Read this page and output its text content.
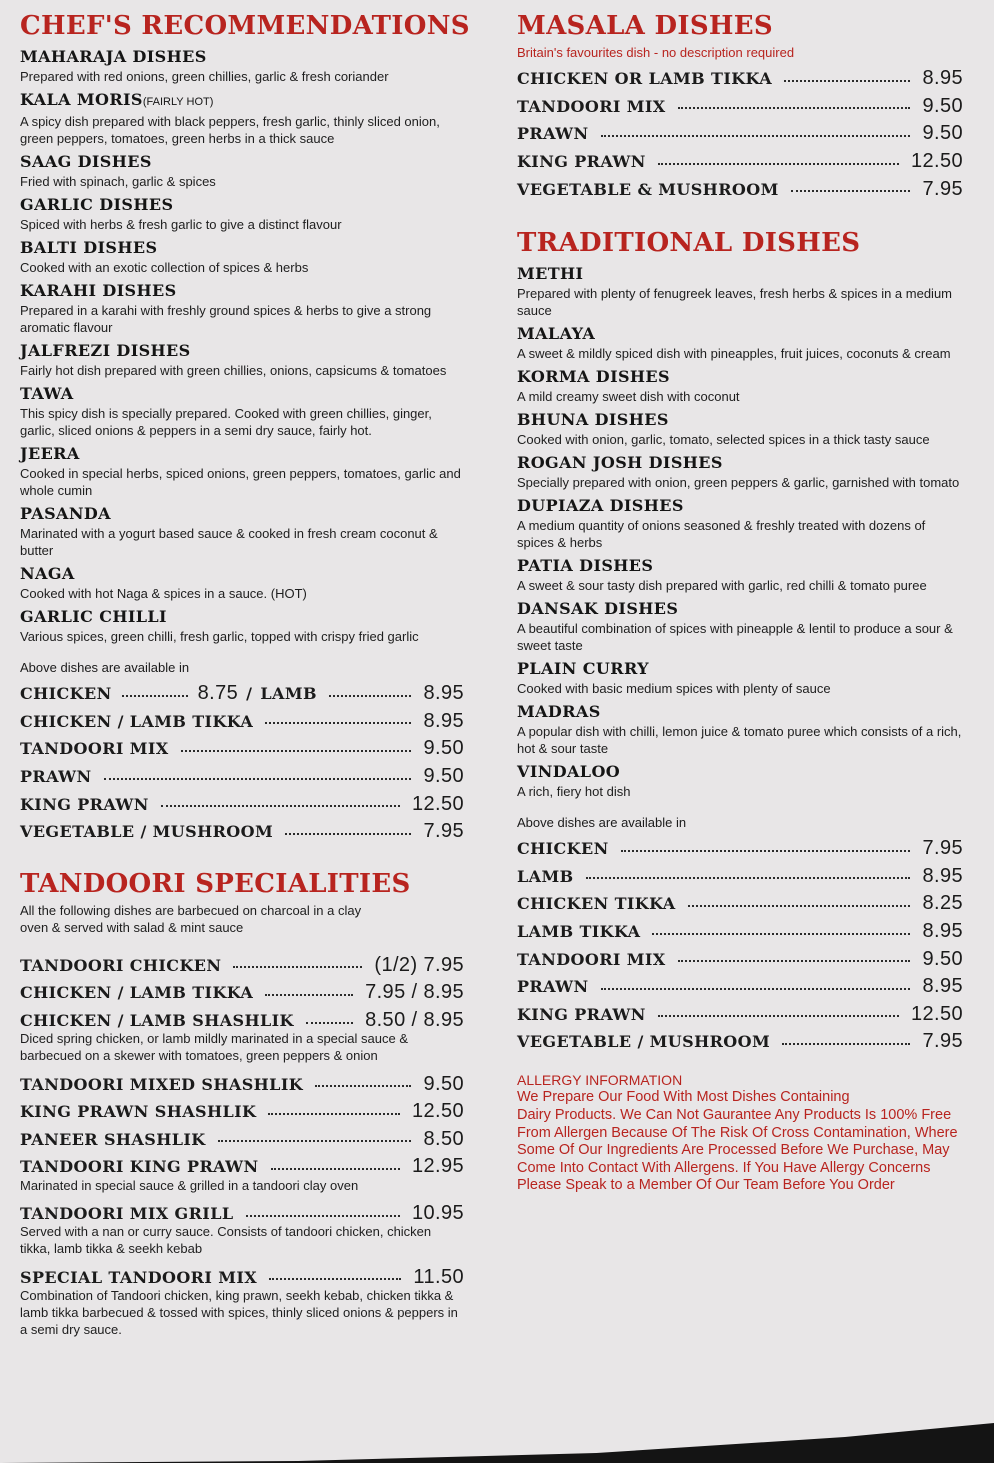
CHEF'S RECOMMENDATIONS
MAHARAJA DISHES
Prepared with red onions, green chillies, garlic & fresh coriander
KALA MORIS(FAIRLY HOT)
A spicy dish prepared with black peppers, fresh garlic, thinly sliced onion, green peppers, tomatoes, green herbs in a thick sauce
SAAG DISHES
Fried with spinach, garlic & spices
GARLIC DISHES
Spiced with herbs & fresh garlic to give a distinct flavour
BALTI DISHES
Cooked with an exotic collection of spices & herbs
KARAHI DISHES
Prepared in a karahi with freshly ground spices & herbs to give a strong aromatic flavour
JALFREZI DISHES
Fairly hot dish prepared with green chillies, onions, capsicums & tomatoes
TAWA
This spicy dish is specially prepared. Cooked with green chillies, ginger, garlic, sliced onions & peppers in a semi dry sauce, fairly hot.
JEERA
Cooked in special herbs, spiced onions, green peppers, tomatoes, garlic and whole cumin
PASANDA
Marinated with a yogurt based sauce & cooked in fresh cream coconut & butter
NAGA
Cooked with hot Naga & spices in a sauce. (HOT)
GARLIC CHILLI
Various spices, green chilli, fresh garlic, topped with crispy fried garlic
Above dishes are available in
CHICKEN	8.75 / LAMB	8.95
CHICKEN / LAMB TIKKA	8.95
TANDOORI MIX	9.50
PRAWN	9.50
KING PRAWN	12.50
VEGETABLE / MUSHROOM	7.95
TANDOORI SPECIALITIES
All the following dishes are barbecued on charcoal in a clay oven & served with salad & mint sauce
TANDOORI CHICKEN	(1/2) 7.95
CHICKEN / LAMB TIKKA	7.95 / 8.95
CHICKEN / LAMB SHASHLIK	8.50 / 8.95
Diced spring chicken, or lamb mildly marinated in a special sauce & barbecued on a skewer with tomatoes, green peppers & onion
TANDOORI MIXED SHASHLIK	9.50
KING PRAWN SHASHLIK	12.50
PANEER SHASHLIK	8.50
TANDOORI KING PRAWN	12.95
Marinated in special sauce & grilled in a tandoori clay oven
TANDOORI MIX GRILL	10.95
Served with a nan or curry sauce. Consists of tandoori chicken, chicken tikka, lamb tikka & seekh kebab
SPECIAL TANDOORI MIX	11.50
Combination of Tandoori chicken, king prawn, seekh kebab, chicken tikka & lamb tikka barbecued & tossed with spices, thinly sliced onions & peppers in a semi dry sauce.
MASALA DISHES
Britain's favourites dish - no description required
CHICKEN OR LAMB TIKKA	8.95
TANDOORI MIX	9.50
PRAWN	9.50
KING PRAWN	12.50
VEGETABLE & MUSHROOM	7.95
TRADITIONAL DISHES
METHI
Prepared with plenty of fenugreek leaves, fresh herbs & spices in a medium sauce
MALAYA
A sweet & mildly spiced dish with pineapples, fruit juices, coconuts & cream
KORMA DISHES
A mild creamy sweet dish with coconut
BHUNA DISHES
Cooked with onion, garlic, tomato, selected spices in a thick tasty sauce
ROGAN JOSH DISHES
Specially prepared with onion, green peppers & garlic, garnished with tomato
DUPIAZA DISHES
A medium quantity of onions seasoned & freshly treated with dozens of spices & herbs
PATIA DISHES
A sweet & sour tasty dish prepared with garlic, red chilli & tomato puree
DANSAK DISHES
A beautiful combination of spices with pineapple & lentil to produce a sour & sweet taste
PLAIN CURRY
Cooked with basic medium spices with plenty of sauce
MADRAS
A popular dish with chilli, lemon juice & tomato puree which consists of a rich, hot & sour taste
VINDALOO
A rich, fiery hot dish
Above dishes are available in
CHICKEN	7.95
LAMB	8.95
CHICKEN TIKKA	8.25
LAMB TIKKA	8.95
TANDOORI MIX	9.50
PRAWN	8.95
KING PRAWN	12.50
VEGETABLE / MUSHROOM	7.95
ALLERGY INFORMATION
We Prepare Our Food With Most Dishes Containing
Dairy Products. We Can Not Gaurantee Any Products Is 100% Free
From Allergen Because Of The Risk Of Cross Contamination, Where
Some Of Our Ingredients Are Processed Before We Purchase, May
Come Into Contact With Allergens. If You Have Allergy Concerns
Please Speak to a Member Of Our Team Before You Order
